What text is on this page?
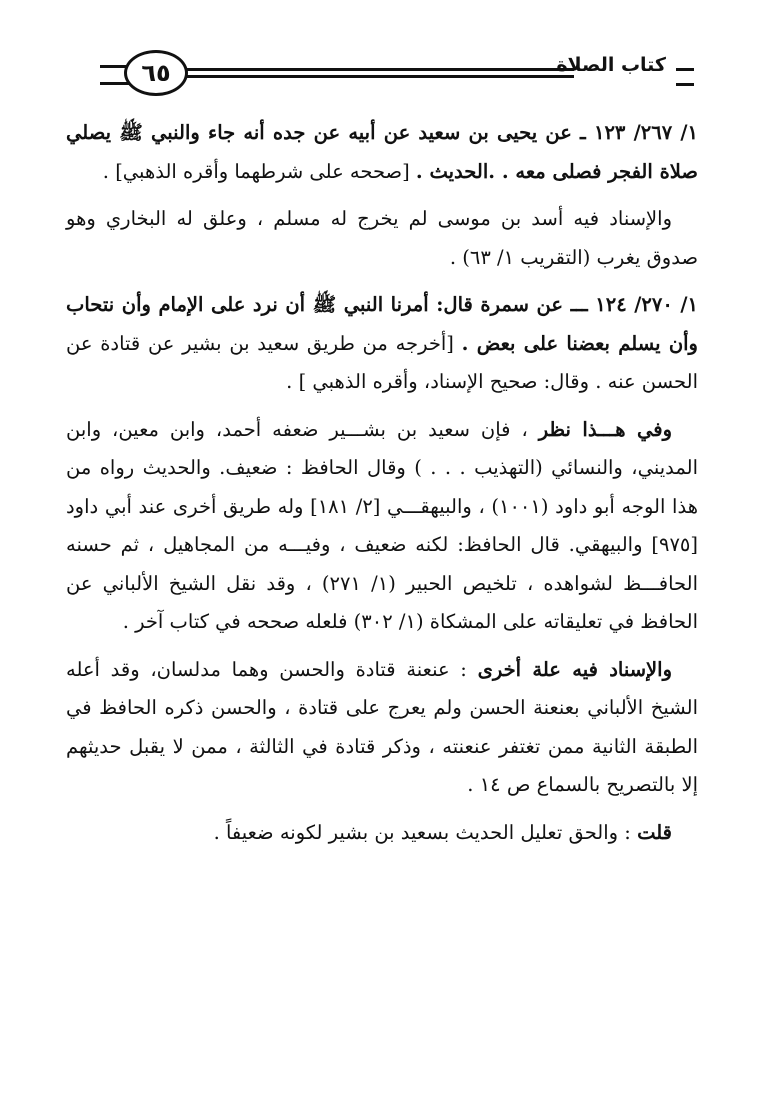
٦٥	كتاب الصلاة

١/ ٢٦٧/ ١٢٣ ـ عن يحيى بن سعيد عن أبيه عن جده أنه جاء والنبي ﷺ يصلي صلاة الفجر فصلى معه . .الحديث . [صححه على شرطهما وأقره الذهبي] .

والإسناد فيه أسد بن موسى لم يخرج له مسلم ، وعلق له البخاري وهو صدوق يغرب (التقريب ١/ ٦٣) .

١/ ٢٧٠/ ١٢٤ ـــ عن سمرة قال: أمرنا النبي ﷺ أن نرد على الإمام وأن نتحاب وأن يسلم بعضنا على بعض . [أخرجه من طريق سعيد بن بشير عن قتادة عن الحسن عنه . وقال: صحيح الإسناد، وأقره الذهبي ] .

وفي هـــذا نظر ، فإن سعيد بن بشـــير ضعفه أحمد، وابن معين، وابن المديني، والنسائي (التهذيب . . . ) وقال الحافظ : ضعيف. والحديث رواه من هذا الوجه أبو داود (١٠٠١) ، والبيهقـــي [٢/ ١٨١] وله طريق أخرى عند أبي داود [٩٧٥] والبيهقي. قال الحافظ: لكنه ضعيف ، وفيـــه من المجاهيل ، ثم حسنه الحافـــظ لشواهده ، تلخيص الحبير (١/ ٢٧١) ، وقد نقل الشيخ الألباني عن الحافظ في تعليقاته على المشكاة (١/ ٣٠٢) فلعله صححه في كتاب آخر .

والإسناد فيه علة أخرى : عنعنة قتادة والحسن وهما مدلسان، وقد أعله الشيخ الألباني بعنعنة الحسن ولم يعرج على قتادة ، والحسن ذكره الحافظ في الطبقة الثانية ممن تغتفر عنعنته ، وذكر قتادة في الثالثة ، ممن لا يقبل حديثهم إلا بالتصريح بالسماع ص ١٤ .

قلت : والحق تعليل الحديث بسعيد بن بشير لكونه ضعيفاً .
